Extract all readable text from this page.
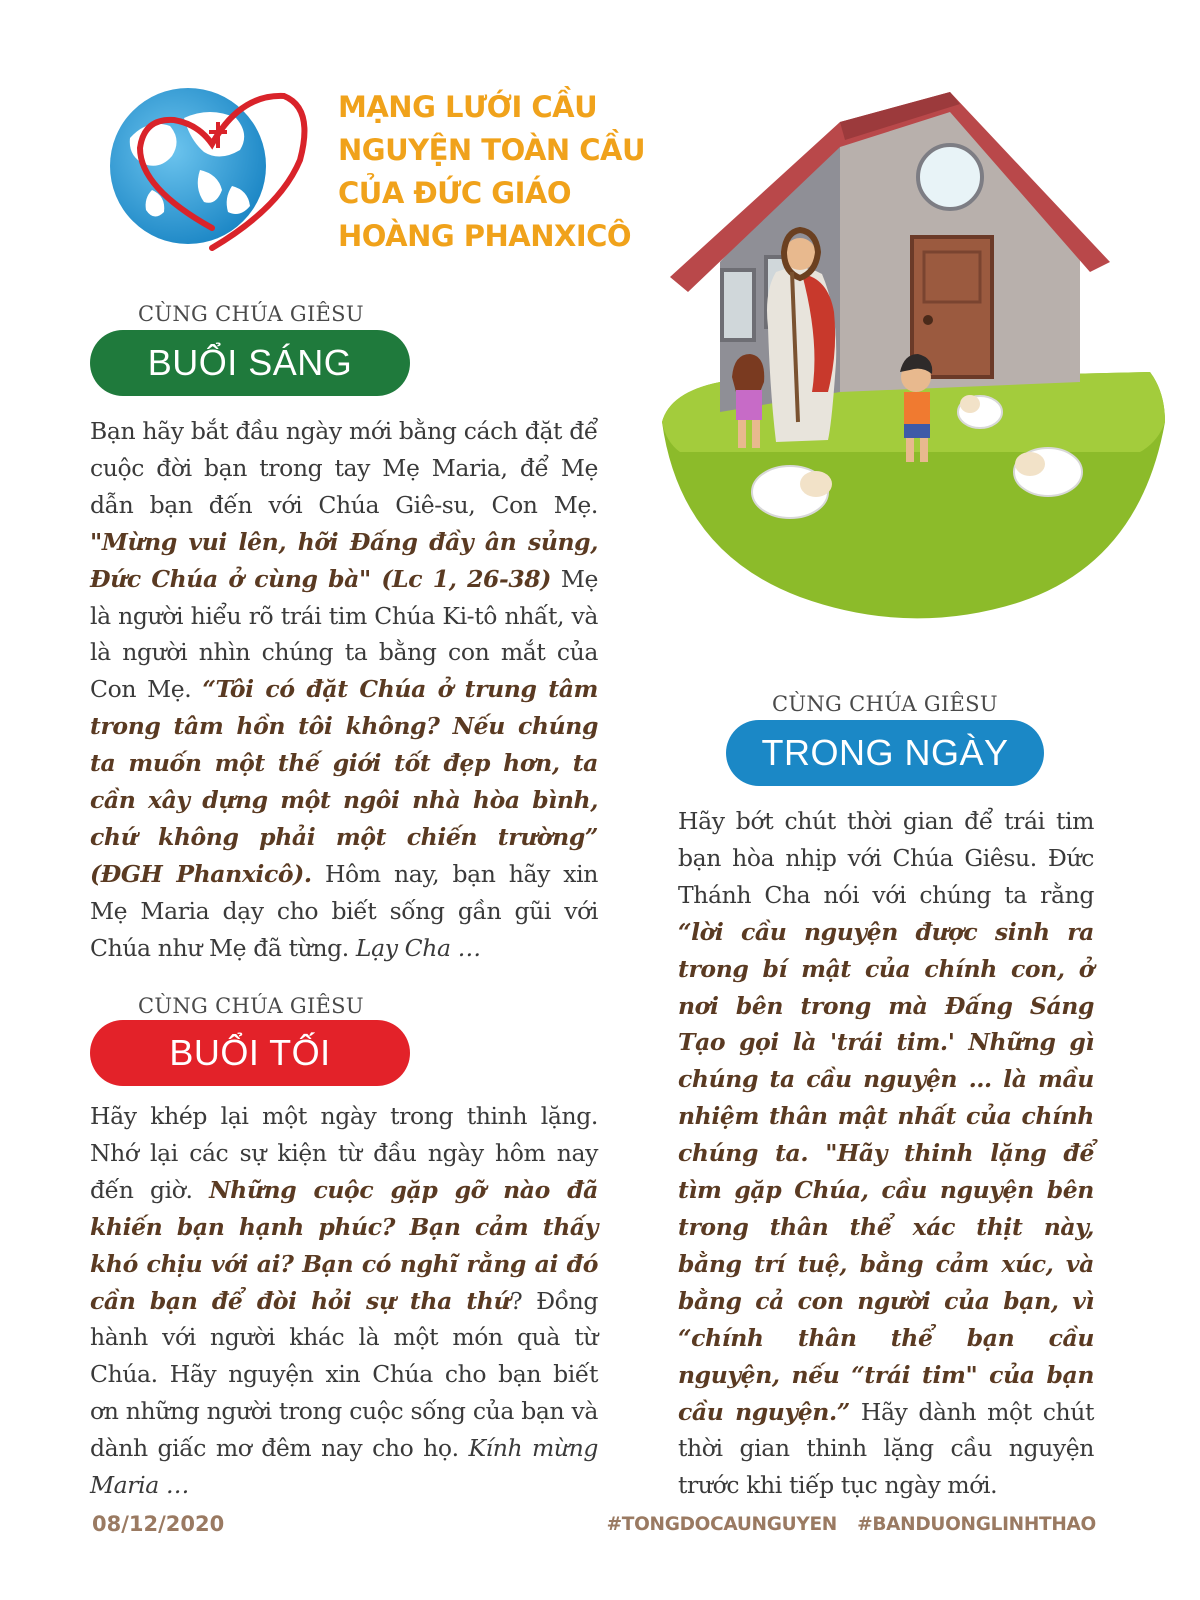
MẠNG LƯỚI CẦU
NGUYỆN TOÀN CẦU
CỦA ĐỨC GIÁO
HOÀNG PHANXICÔ
CÙNG CHÚA GIÊSU
BUỔI SÁNG
Bạn hãy bắt đầu ngày mới bằng cách đặt để cuộc đời bạn trong tay Mẹ Maria, để Mẹ dẫn bạn đến với Chúa Giê-su, Con Mẹ. "Mừng vui lên, hỡi Đấng đầy ân sủng, Đức Chúa ở cùng bà" (Lc 1, 26-38) Mẹ là người hiểu rõ trái tim Chúa Ki-tô nhất, và là người nhìn chúng ta bằng con mắt của Con Mẹ. “Tôi có đặt Chúa ở trung tâm trong tâm hồn tôi không? Nếu chúng ta muốn một thế giới tốt đẹp hơn, ta cần xây dựng một ngôi nhà hòa bình, chứ không phải một chiến trường” (ĐGH Phanxicô). Hôm nay, bạn hãy xin Mẹ Maria dạy cho biết sống gần gũi với Chúa như Mẹ đã từng. Lạy Cha …
CÙNG CHÚA GIÊSU
BUỔI TỐI
Hãy khép lại một ngày trong thinh lặng. Nhớ lại các sự kiện từ đầu ngày hôm nay đến giờ. Những cuộc gặp gỡ nào đã khiến bạn hạnh phúc? Bạn cảm thấy khó chịu với ai? Bạn có nghĩ rằng ai đó cần bạn để đòi hỏi sự tha thứ? Đồng hành với người khác là một món quà từ Chúa. Hãy nguyện xin Chúa cho bạn biết ơn những người trong cuộc sống của bạn và dành giấc mơ đêm nay cho họ. Kính mừng Maria …
CÙNG CHÚA GIÊSU
TRONG NGÀY
Hãy bớt chút thời gian để trái tim bạn hòa nhịp với Chúa Giêsu. Đức Thánh Cha nói với chúng ta rằng “lời cầu nguyện được sinh ra trong bí mật của chính con, ở nơi bên trong mà Đấng Sáng Tạo gọi là 'trái tim.' Những gì chúng ta cầu nguyện … là mầu nhiệm thân mật nhất của chính chúng ta. "Hãy thinh lặng để tìm gặp Chúa, cầu nguyện bên trong thân thể xác thịt này, bằng trí tuệ, bằng cảm xúc, và bằng cả con người của bạn, vì “chính thân thể bạn cầu nguyện, nếu “trái tim" của bạn cầu nguyện.” Hãy dành một chút thời gian thinh lặng cầu nguyện trước khi tiếp tục ngày mới.
08/12/2020	#TONGDOCAUNGUYEN #BANDUONGLINHTHAO
